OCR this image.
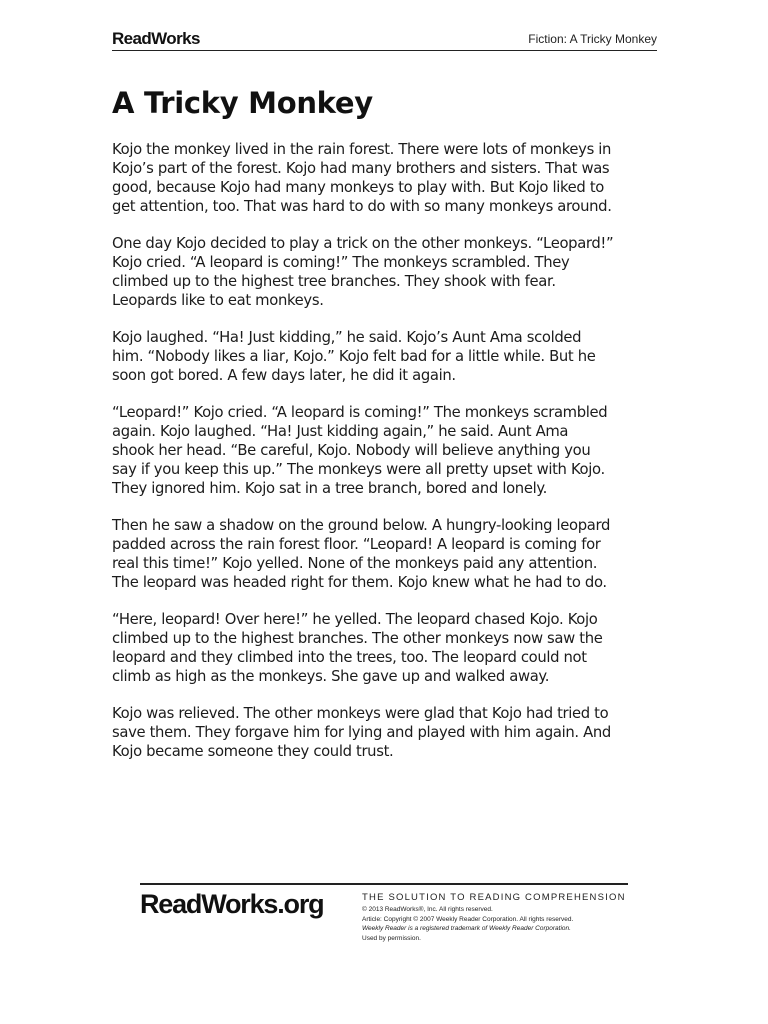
ReadWorks	Fiction: A Tricky Monkey
A Tricky Monkey

Kojo the monkey lived in the rain forest. There were lots of monkeys in
Kojo’s part of the forest. Kojo had many brothers and sisters. That was
good, because Kojo had many monkeys to play with. But Kojo liked to
get attention, too. That was hard to do with so many monkeys around.

One day Kojo decided to play a trick on the other monkeys. “Leopard!”
Kojo cried. “A leopard is coming!” The monkeys scrambled. They
climbed up to the highest tree branches. They shook with fear.
Leopards like to eat monkeys.

Kojo laughed. “Ha! Just kidding,” he said. Kojo’s Aunt Ama scolded
him. “Nobody likes a liar, Kojo.” Kojo felt bad for a little while. But he
soon got bored. A few days later, he did it again.

“Leopard!” Kojo cried. “A leopard is coming!” The monkeys scrambled
again. Kojo laughed. “Ha! Just kidding again,” he said. Aunt Ama
shook her head. “Be careful, Kojo. Nobody will believe anything you
say if you keep this up.” The monkeys were all pretty upset with Kojo.
They ignored him. Kojo sat in a tree branch, bored and lonely.

Then he saw a shadow on the ground below. A hungry-looking leopard
padded across the rain forest floor. “Leopard! A leopard is coming for
real this time!” Kojo yelled. None of the monkeys paid any attention.
The leopard was headed right for them. Kojo knew what he had to do.

“Here, leopard! Over here!” he yelled. The leopard chased Kojo. Kojo
climbed up to the highest branches. The other monkeys now saw the
leopard and they climbed into the trees, too. The leopard could not
climb as high as the monkeys. She gave up and walked away.

Kojo was relieved. The other monkeys were glad that Kojo had tried to
save them. They forgave him for lying and played with him again. And
Kojo became someone they could trust.

ReadWorks.org	THE SOLUTION TO READING COMPREHENSION
© 2013 ReadWorks®, Inc. All rights reserved.
Article: Copyright © 2007 Weekly Reader Corporation. All rights reserved.
Weekly Reader is a registered trademark of Weekly Reader Corporation.
Used by permission.
